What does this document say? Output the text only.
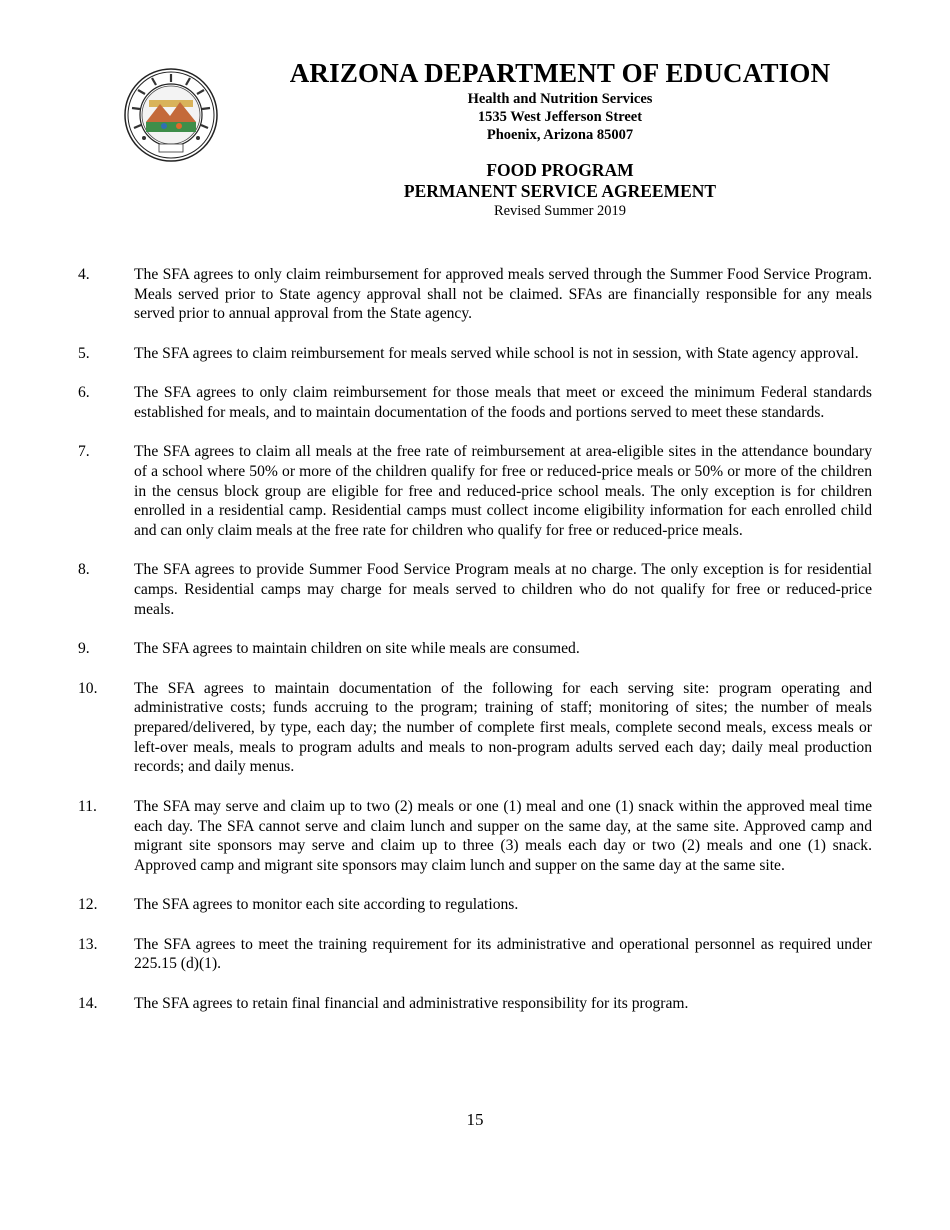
ARIZONA DEPARTMENT OF EDUCATION

Health and Nutrition Services

1535 West Jefferson Street

Phoenix, Arizona 85007

FOOD PROGRAM

PERMANENT SERVICE AGREEMENT

Revised Summer 2019

4.	The SFA agrees to only claim reimbursement for approved meals served through the Summer Food Service Program. Meals served prior to State agency approval shall not be claimed. SFAs are financially responsible for any meals served prior to annual approval from the State agency.
5.	The SFA agrees to claim reimbursement for meals served while school is not in session, with State agency approval.
6.	The SFA agrees to only claim reimbursement for those meals that meet or exceed the minimum Federal standards established for meals, and to maintain documentation of the foods and portions served to meet these standards.
7.	The SFA agrees to claim all meals at the free rate of reimbursement at area-eligible sites in the attendance boundary of a school where 50% or more of the children qualify for free or reduced-price meals or 50% or more of the children in the census block group are eligible for free and reduced-price school meals. The only exception is for children enrolled in a residential camp. Residential camps must collect income eligibility information for each enrolled child and can only claim meals at the free rate for children who qualify for free or reduced-price meals.
8.	The SFA agrees to provide Summer Food Service Program meals at no charge. The only exception is for residential camps. Residential camps may charge for meals served to children who do not qualify for free or reduced-price meals.
9.	The SFA agrees to maintain children on site while meals are consumed.
10.	The SFA agrees to maintain documentation of the following for each serving site: program operating and administrative costs; funds accruing to the program; training of staff; monitoring of sites; the number of meals prepared/delivered, by type, each day; the number of complete first meals, complete second meals, excess meals or left-over meals, meals to program adults and meals to non-program adults served each day; daily meal production records; and daily menus.
11.	The SFA may serve and claim up to two (2) meals or one (1) meal and one (1) snack within the approved meal time each day. The SFA cannot serve and claim lunch and supper on the same day, at the same site. Approved camp and migrant site sponsors may serve and claim up to three (3) meals each day or two (2) meals and one (1) snack. Approved camp and migrant site sponsors may claim lunch and supper on the same day at the same site.
12.	The SFA agrees to monitor each site according to regulations.
13.	The SFA agrees to meet the training requirement for its administrative and operational personnel as required under 225.15 (d)(1).
14.	The SFA agrees to retain final financial and administrative responsibility for its program.
15
